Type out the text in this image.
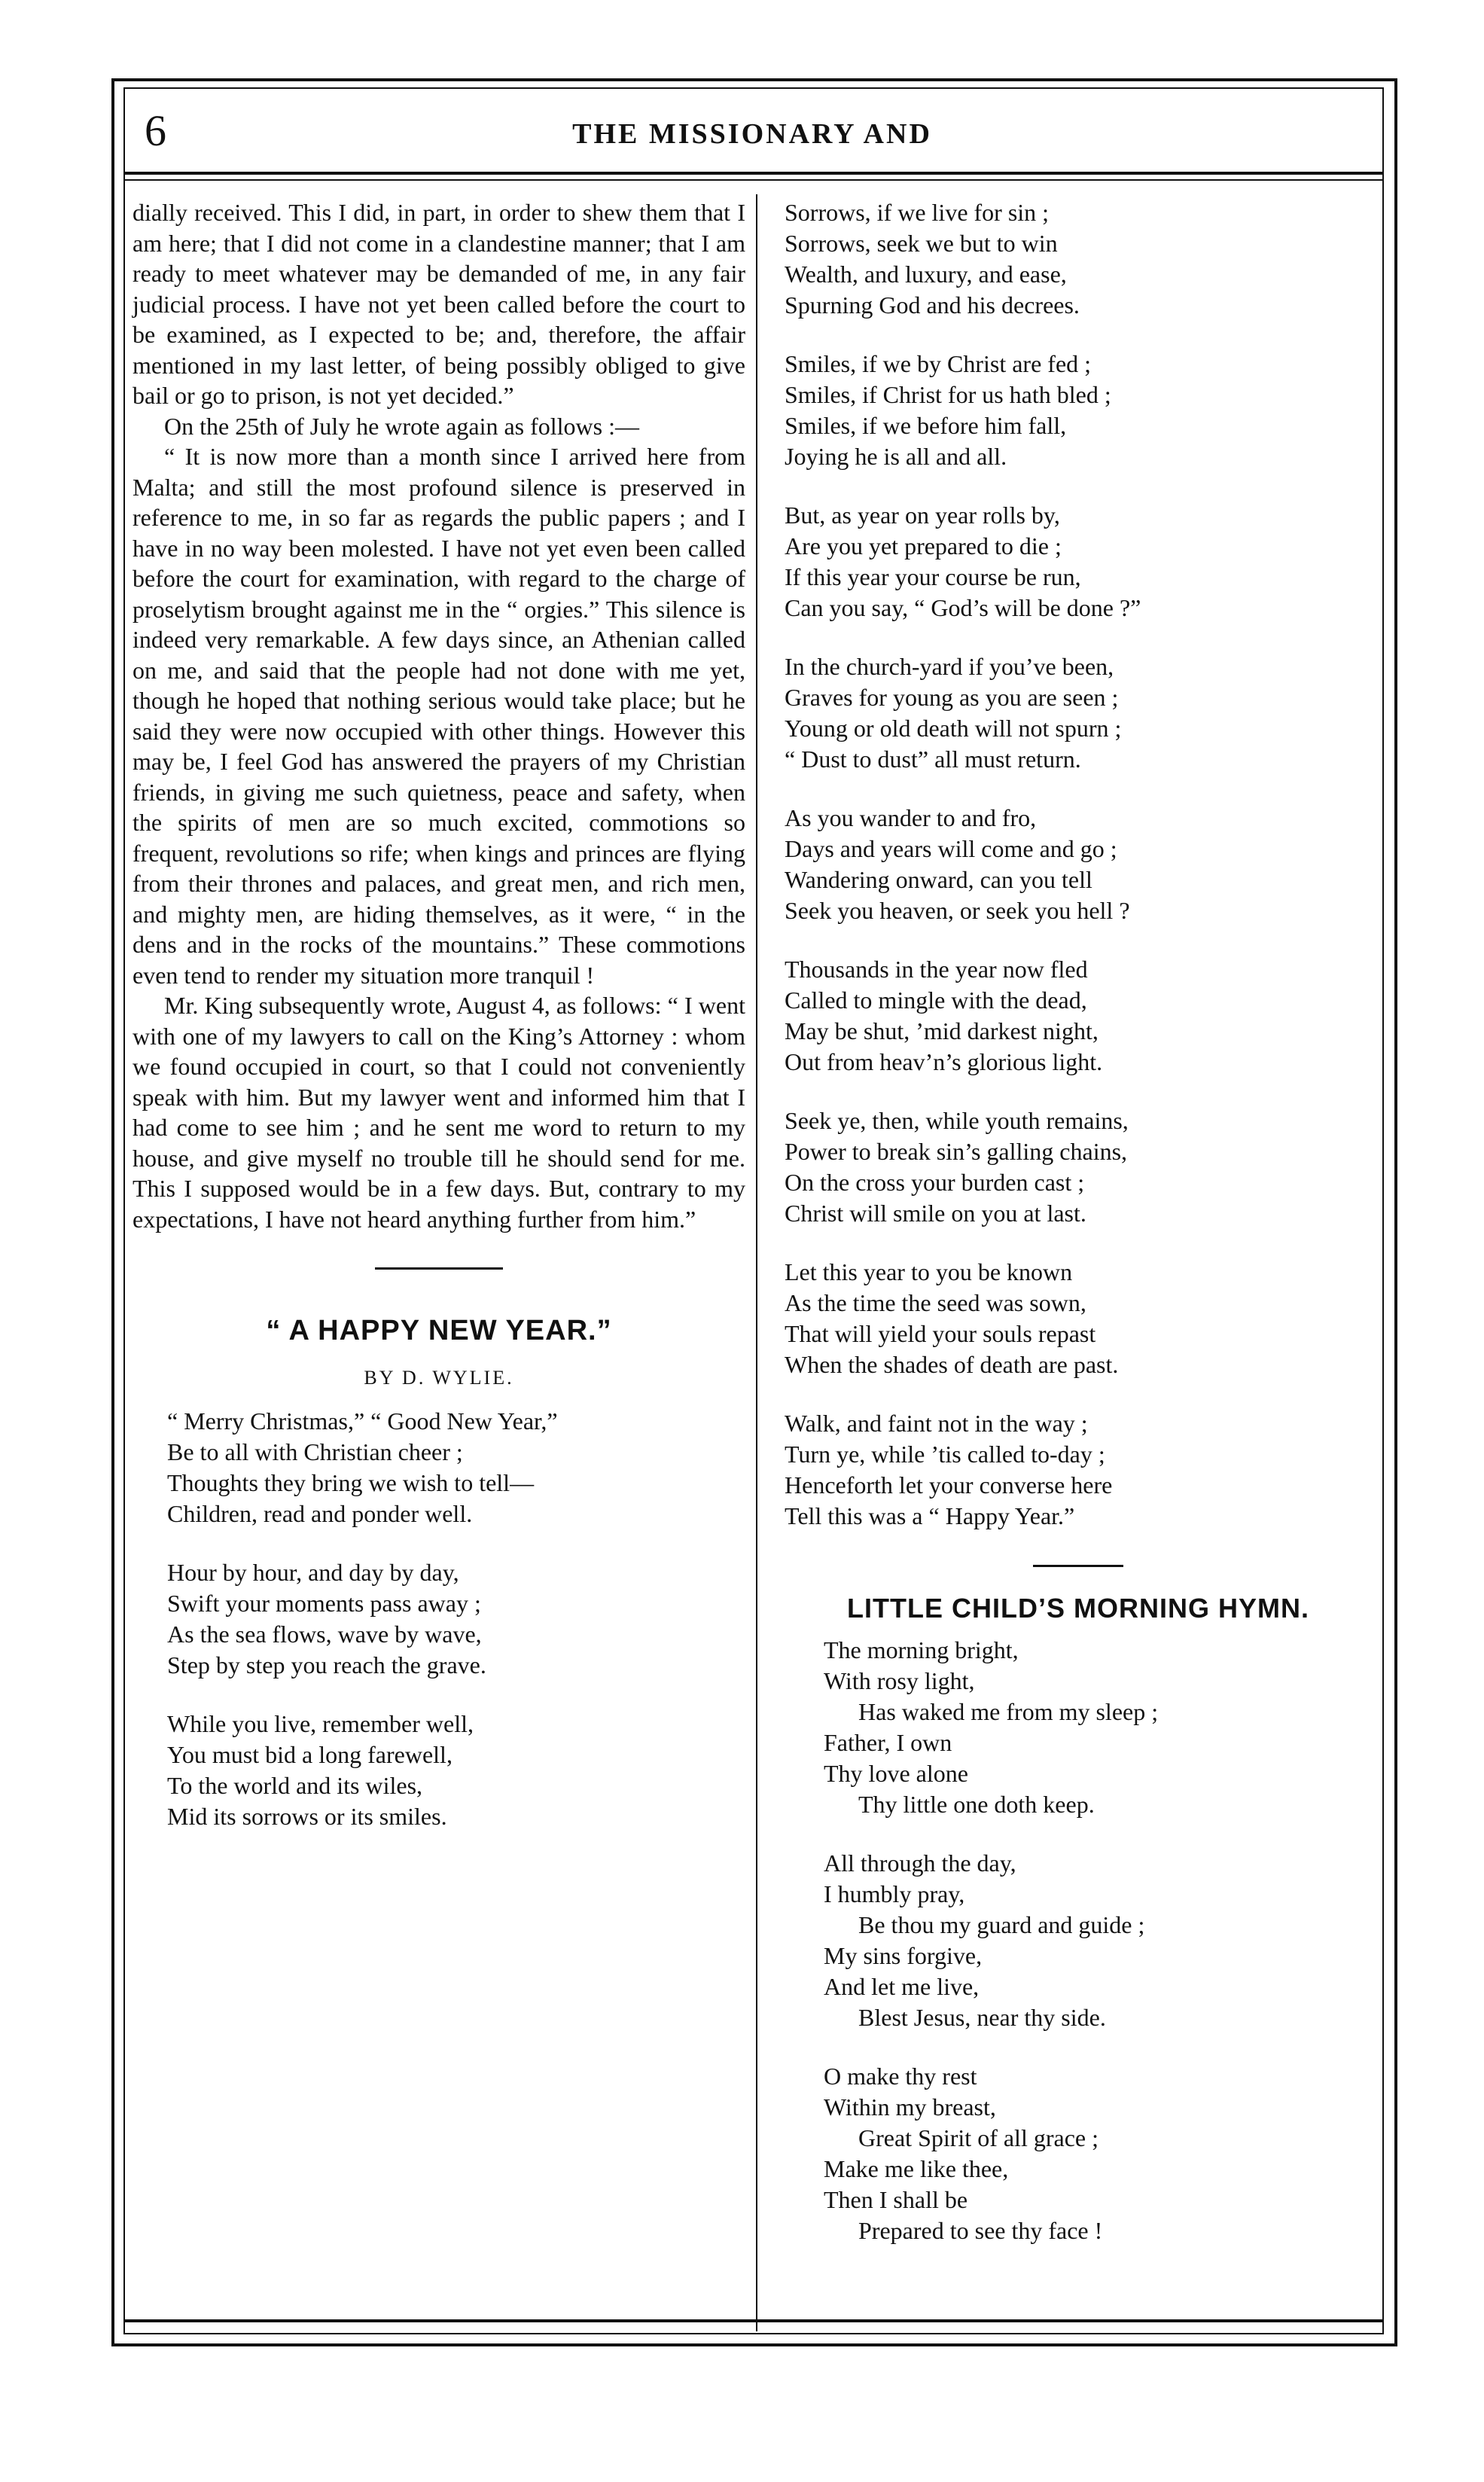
6	THE MISSIONARY AND

dially received. This I did, in part, in order to shew them that I am here; that I did not come in a clandestine manner; that I am ready to meet whatever may be demanded of me, in any fair judicial process. I have not yet been called before the court to be examined, as I expected to be; and, therefore, the affair mentioned in my last letter, of being possibly obliged to give bail or go to prison, is not yet decided.”

On the 25th of July he wrote again as follows :—

“ It is now more than a month since I arrived here from Malta; and still the most profound silence is preserved in reference to me, in so far as regards the public papers ; and I have in no way been molested. I have not yet even been called before the court for examination, with regard to the charge of proselytism brought against me in the “ orgies.” This silence is indeed very remarkable. A few days since, an Athenian called on me, and said that the people had not done with me yet, though he hoped that nothing serious would take place; but he said they were now occupied with other things. However this may be, I feel God has answered the prayers of my Christian friends, in giving me such quietness, peace and safety, when the spirits of men are so much excited, commotions so frequent, revolutions so rife; when kings and princes are flying from their thrones and palaces, and great men, and rich men, and mighty men, are hiding themselves, as it were, “ in the dens and in the rocks of the mountains.” These commotions even tend to render my situation more tranquil !

Mr. King subsequently wrote, August 4, as follows: “ I went with one of my lawyers to call on the King’s Attorney : whom we found occupied in court, so that I could not conveniently speak with him. But my lawyer went and informed him that I had come to see him ; and he sent me word to return to my house, and give myself no trouble till he should send for me. This I supposed would be in a few days. But, contrary to my expectations, I have not heard anything further from him.”

“ A HAPPY NEW YEAR.”
BY D. WYLIE.
“ Merry Christmas,” “ Good New Year,”
Be to all with Christian cheer ;
Thoughts they bring we wish to tell—
Children, read and ponder well.
Hour by hour, and day by day,
Swift your moments pass away ;
As the sea flows, wave by wave,
Step by step you reach the grave.
While you live, remember well,
You must bid a long farewell,
To the world and its wiles,
Mid its sorrows or its smiles.
Sorrows, if we live for sin ;
Sorrows, seek we but to win
Wealth, and luxury, and ease,
Spurning God and his decrees.
Smiles, if we by Christ are fed ;
Smiles, if Christ for us hath bled ;
Smiles, if we before him fall,
Joying he is all and all.
But, as year on year rolls by,
Are you yet prepared to die ;
If this year your course be run,
Can you say, “ God’s will be done ?”
In the church-yard if you’ve been,
Graves for young as you are seen ;
Young or old death will not spurn ;
“ Dust to dust” all must return.
As you wander to and fro,
Days and years will come and go ;
Wandering onward, can you tell
Seek you heaven, or seek you hell ?
Thousands in the year now fled
Called to mingle with the dead,
May be shut, ’mid darkest night,
Out from heav’n’s glorious light.
Seek ye, then, while youth remains,
Power to break sin’s galling chains,
On the cross your burden cast ;
Christ will smile on you at last.
Let this year to you be known
As the time the seed was sown,
That will yield your souls repast
When the shades of death are past.
Walk, and faint not in the way ;
Turn ye, while ’tis called to-day ;
Henceforth let your converse here
Tell this was a “ Happy Year.”
LITTLE CHILD’S MORNING HYMN.
The morning bright,
With rosy light,
Has waked me from my sleep ;
Father, I own
Thy love alone
Thy little one doth keep.
All through the day,
I humbly pray,
Be thou my guard and guide ;
My sins forgive,
And let me live,
Blest Jesus, near thy side.
O make thy rest
Within my breast,
Great Spirit of all grace ;
Make me like thee,
Then I shall be
Prepared to see thy face !
